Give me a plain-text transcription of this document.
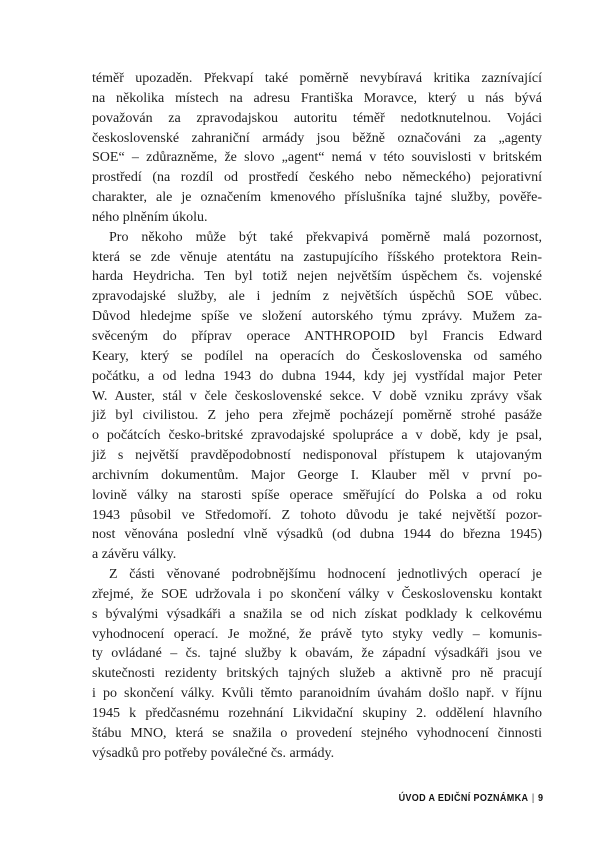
téměř upozaděn. Překvapí také poměrně nevybíravá kritika zaznívající
na několika místech na adresu Františka Moravce, který u nás bývá
považován za zpravodajskou autoritu téměř nedotknutelnou. Vojáci
československé zahraniční armády jsou běžně označováni za „agenty
SOE“ – zdůrazněme, že slovo „agent“ nemá v této souvislosti v britském
prostředí (na rozdíl od prostředí českého nebo německého) pejorativní
charakter, ale je označením kmenového příslušníka tajné služby, pověře-
ného plněním úkolu.
Pro někoho může být také překvapivá poměrně malá pozornost,
která se zde věnuje atentátu na zastupujícího říšského protektora Rein-
harda Heydricha. Ten byl totiž nejen největším úspěchem čs. vojenské
zpravodajské služby, ale i jedním z největších úspěchů SOE vůbec.
Důvod hledejme spíše ve složení autorského týmu zprávy. Mužem za-
svěceným do příprav operace ANTHROPOID byl Francis Edward
Keary, který se podílel na operacích do Československa od samého
počátku, a od ledna 1943 do dubna 1944, kdy jej vystřídal major Peter
W. Auster, stál v čele československé sekce. V době vzniku zprávy však
již byl civilistou. Z jeho pera zřejmě pocházejí poměrně strohé pasáže
o počátcích česko-britské zpravodajské spolupráce a v době, kdy je psal,
již s největší pravděpodobností nedisponoval přístupem k utajovaným
archivním dokumentům. Major George I. Klauber měl v první po-
lovině války na starosti spíše operace směřující do Polska a od roku
1943 působil ve Středomoří. Z tohoto důvodu je také největší pozor-
nost věnována poslední vlně výsadků (od dubna 1944 do března 1945)
a závěru války.
Z části věnované podrobnějšímu hodnocení jednotlivých operací je
zřejmé, že SOE udržovala i po skončení války v Československu kontakt
s bývalými výsadkáři a snažila se od nich získat podklady k celkovému
vyhodnocení operací. Je možné, že právě tyto styky vedly – komunis-
ty ovládané – čs. tajné služby k obavám, že západní výsadkáři jsou ve
skutečnosti rezidenty britských tajných služeb a aktivně pro ně pracují
i po skončení války. Kvůli těmto paranoidním úvahám došlo např. v říjnu
1945 k předčasnému rozehnání Likvidační skupiny 2. oddělení hlavního
štábu MNO, která se snažila o provedení stejného vyhodnocení činnosti
výsadků pro potřeby poválečné čs. armády.
ÚVOD A EDIČNÍ POZNÁMKA | 9
